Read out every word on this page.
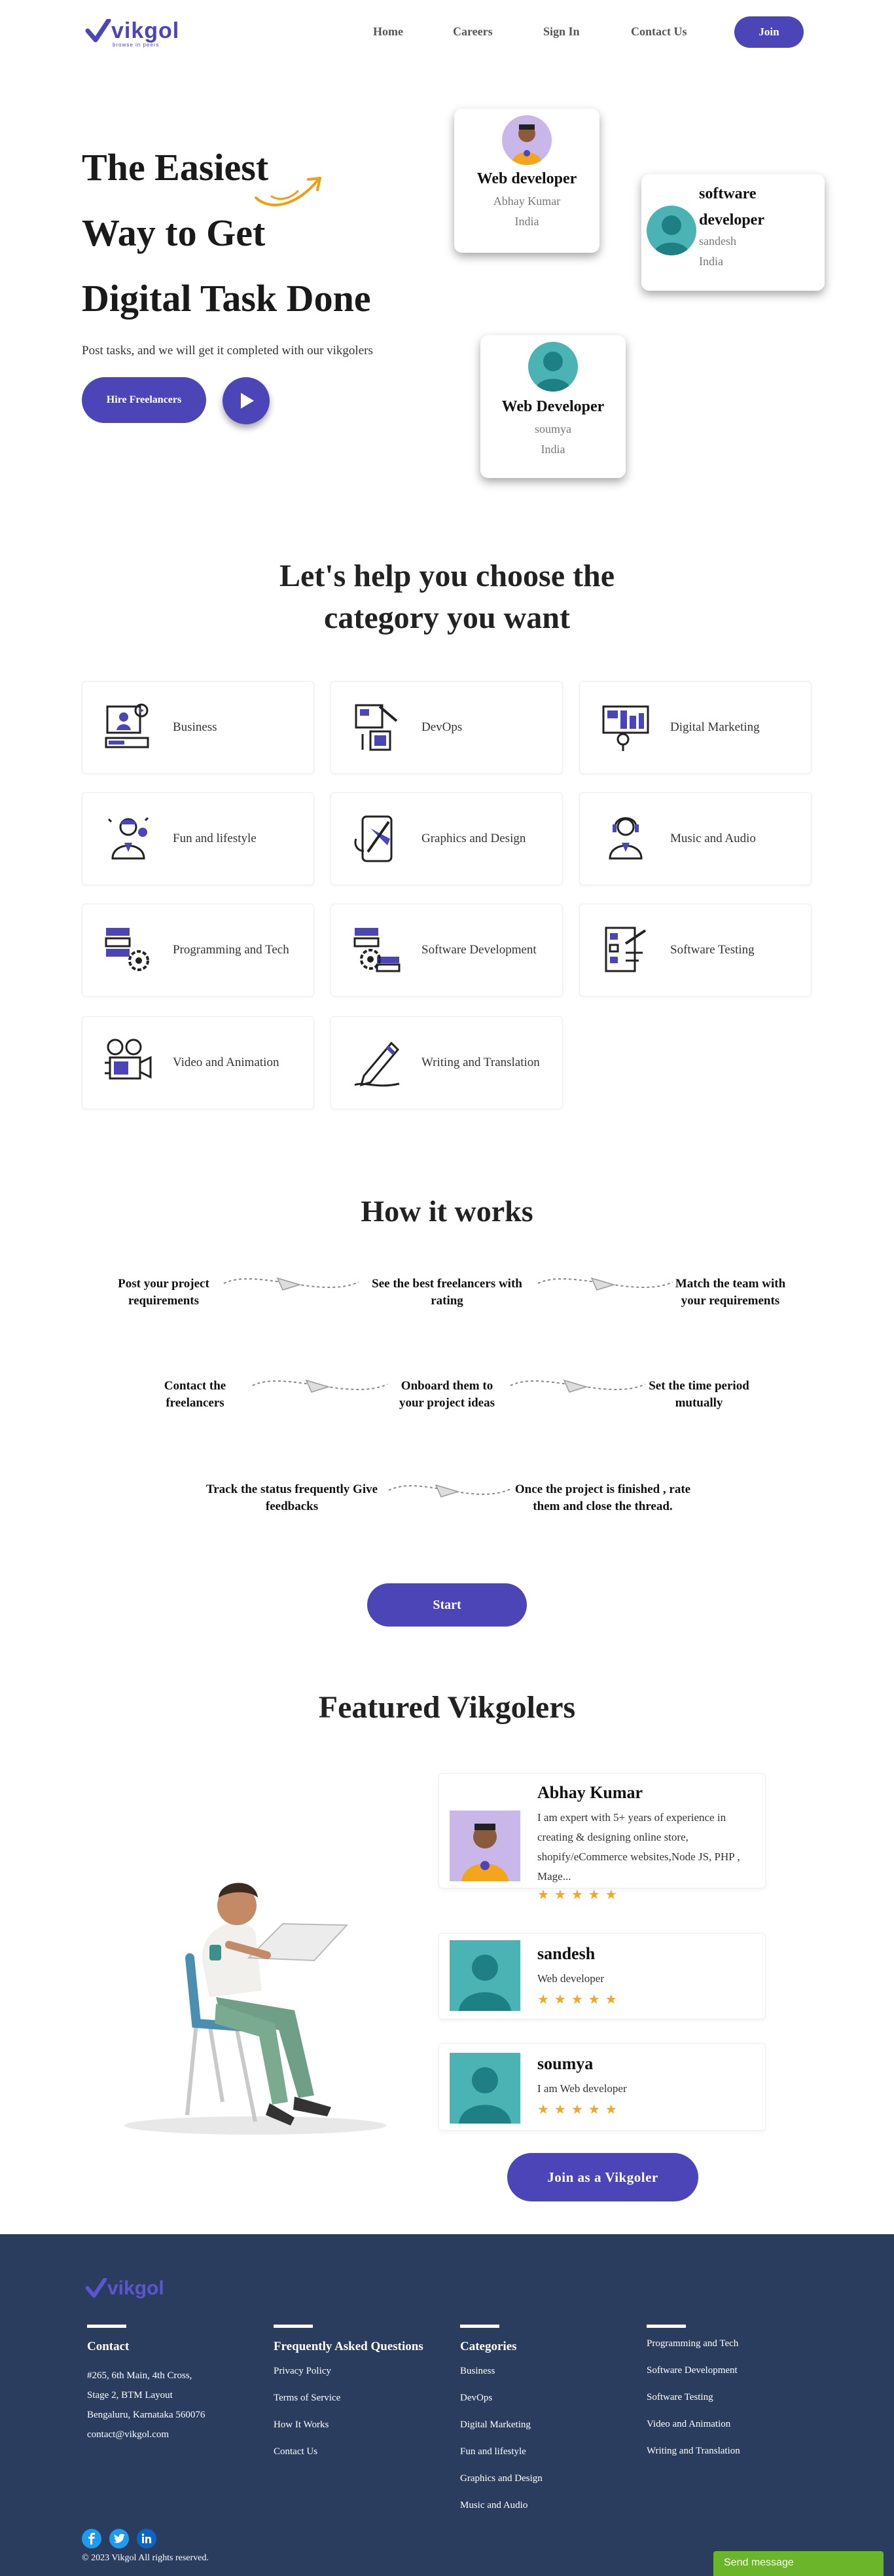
vikgol
browse in peers
Home	Careers	Sign In	Contact Us	Join
The Easiest
Way to Get
Digital Task Done
Post tasks, and we will get it completed with our vikgolers
Hire Freelancers
Web developer
Abhay Kumar
India
software developer
sandesh
India
Web Developer
soumya
India
Let's help you choose the
category you want
Business	DevOps	Digital Marketing
Fun and lifestyle	Graphics and Design	Music and Audio
Programming and Tech	Software Development	Software Testing
Video and Animation	Writing and Translation
How it works
Post your project requirements
See the best freelancers with rating
Match the team with your requirements
Contact the freelancers
Onboard them to your project ideas
Set the time period mutually
Track the status frequently Give feedbacks
Once the project is finished , rate them and close the thread.
Start
Featured Vikgolers
Abhay Kumar
I am expert with 5+ years of experience in creating & designing online store, shopify/eCommerce websites,Node JS, PHP , Mage...
★★★★★
sandesh
Web developer
★★★★★
soumya
I am Web developer
★★★★★
Join as a Vikgoler
vikgol
Contact
#265, 6th Main, 4th Cross,
Stage 2, BTM Layout
Bengaluru, Karnataka 560076
contact@vikgol.com
Frequently Asked Questions
Privacy Policy
Terms of Service
How It Works
Contact Us
Categories
Business
DevOps
Digital Marketing
Fun and lifestyle
Graphics and Design
Music and Audio
Programming and Tech
Software Development
Software Testing
Video and Animation
Writing and Translation
© 2023 Vikgol All rights reserved.	Send message
